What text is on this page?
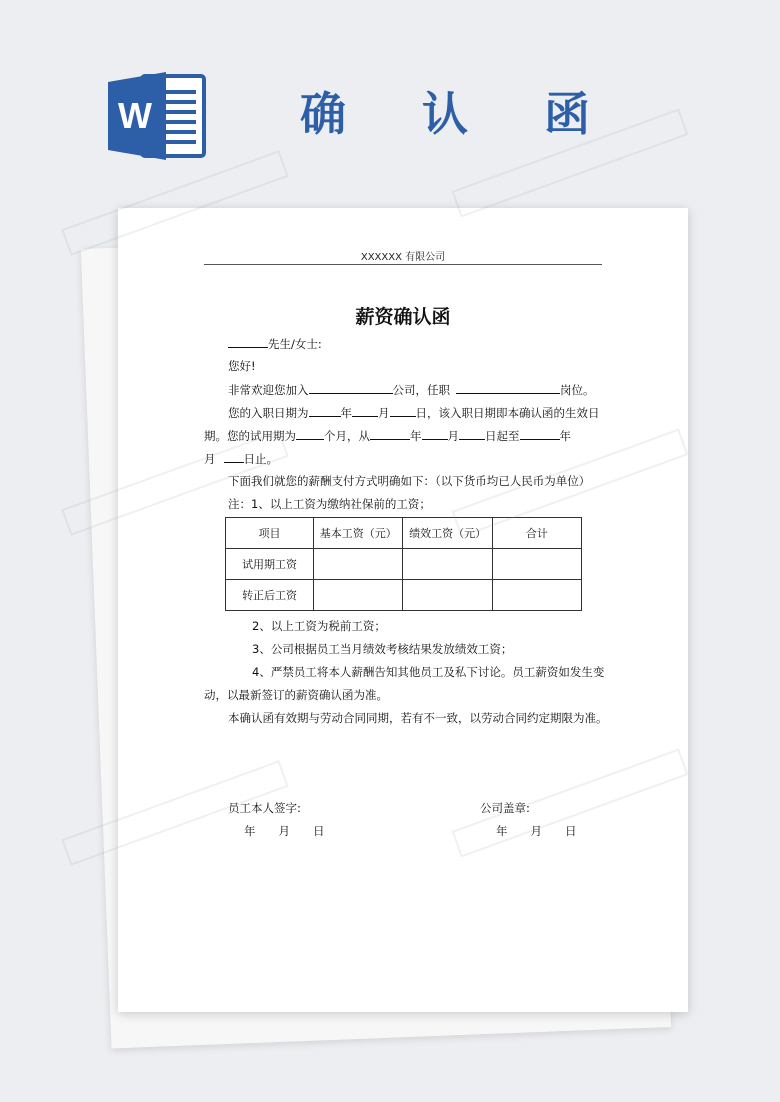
W	确 认 函
XXXXXX 有限公司
薪资确认函
先生/女士:
您好!
非常欢迎您加入	公司，任职	岗位。
您的入职日期为	年 月 日，该入职日期即本确认函的生效日
期。您的试用期为 个月，从	年 月 日起至	年
月 日止。
下面我们就您的薪酬支付方式明确如下：（以下货币均已人民币为单位）
注：1、以上工资为缴纳社保前的工资；
项目	基本工资（元）	绩效工资（元）	合计
试用期工资			
转正后工资			
2、以上工资为税前工资；
3、公司根据员工当月绩效考核结果发放绩效工资；
4、严禁员工将本人薪酬告知其他员工及私下讨论。员工薪资如发生变
动，以最新签订的薪资确认函为准。
本确认函有效期与劳动合同同期，若有不一致，以劳动合同约定期限为准。
员工本人签字:	公司盖章:
年　　月　　日	年　　月　　日
